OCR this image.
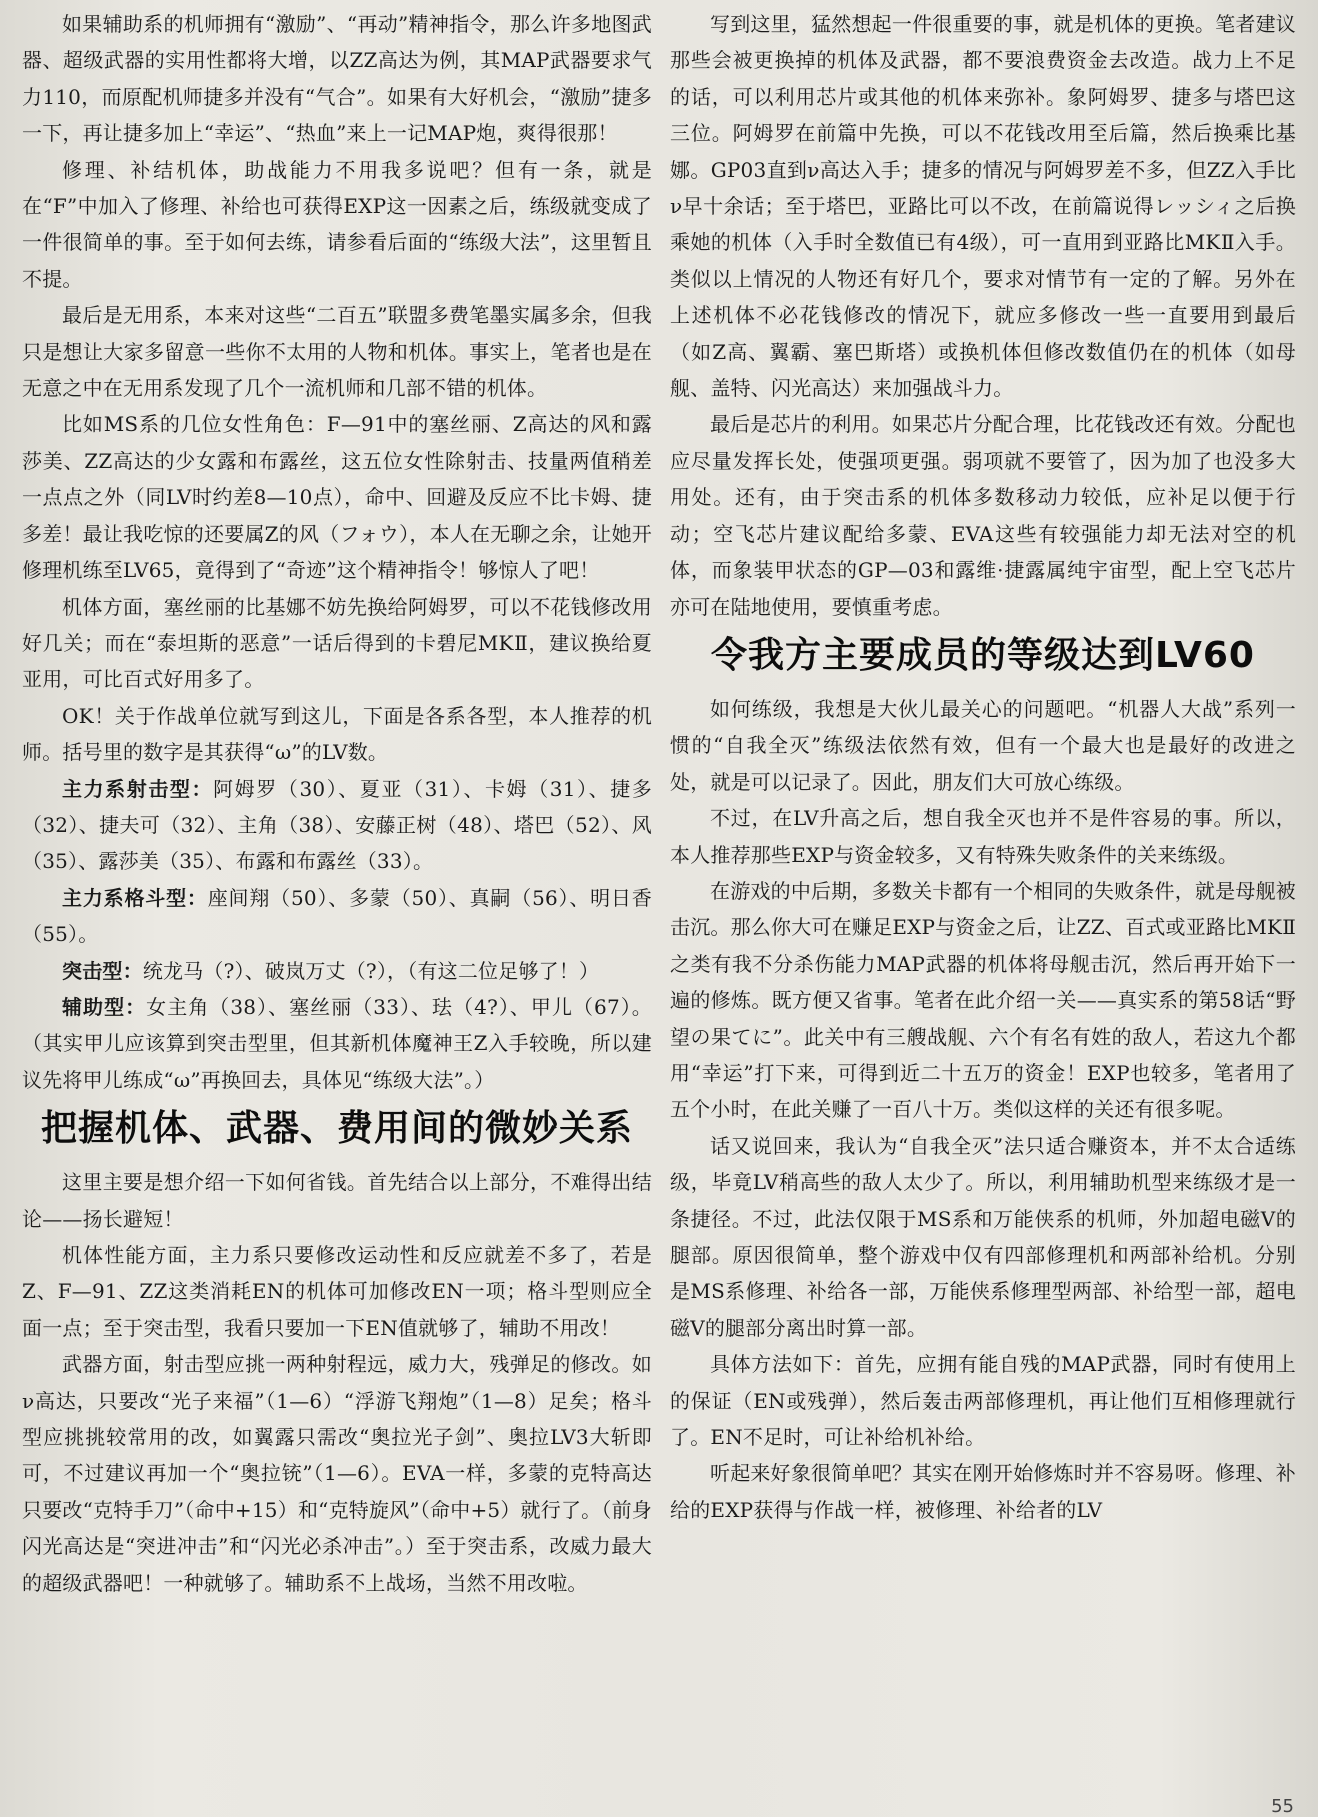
如果辅助系的机师拥有“激励”、“再动”精神指令，那么许多地图武器、超级武器的实用性都将大增，以ZZ高达为例，其MAP武器要求气力110，而原配机师捷多并没有“气合”。如果有大好机会，“激励”捷多一下，再让捷多加上“幸运”、“热血”来上一记MAP炮，爽得很那！

修理、补结机体，助战能力不用我多说吧？但有一条，就是在“F”中加入了修理、补给也可获得EXP这一因素之后，练级就变成了一件很简单的事。至于如何去练，请参看后面的“练级大法”，这里暂且不提。

最后是无用系，本来对这些“二百五”联盟多费笔墨实属多余，但我只是想让大家多留意一些你不太用的人物和机体。事实上，笔者也是在无意之中在无用系发现了几个一流机师和几部不错的机体。

比如MS系的几位女性角色：F—91中的塞丝丽、Z高达的风和露莎美、ZZ高达的少女露和布露丝，这五位女性除射击、技量两值稍差一点点之外（同LV时约差8—10点），命中、回避及反应不比卡姆、捷多差！最让我吃惊的还要属Z的风（フォウ），本人在无聊之余，让她开修理机练至LV65，竟得到了“奇迹”这个精神指令！够惊人了吧！

机体方面，塞丝丽的比基娜不妨先换给阿姆罗，可以不花钱修改用好几关；而在“泰坦斯的恶意”一话后得到的卡碧尼MKⅡ，建议换给夏亚用，可比百式好用多了。

OK！关于作战单位就写到这儿，下面是各系各型，本人推荐的机师。括号里的数字是其获得“ω”的LV数。

主力系射击型：阿姆罗（30）、夏亚（31）、卡姆（31）、捷多（32）、捷夫可（32）、主角（38）、安藤正树（48）、塔巴（52）、风（35）、露莎美（35）、布露和布露丝（33）。

主力系格斗型：座间翔（50）、多蒙（50）、真嗣（56）、明日香（55）。

突击型：统龙马（?）、破岚万丈（?），（有这二位足够了！）

辅助型：女主角（38）、塞丝丽（33）、珐（4?）、甲儿（67）。（其实甲儿应该算到突击型里，但其新机体魔神王Z入手较晚，所以建议先将甲儿练成“ω”再换回去，具体见“练级大法”。）

把握机体、武器、费用间的微妙关系

这里主要是想介绍一下如何省钱。首先结合以上部分，不难得出结论——扬长避短！

机体性能方面，主力系只要修改运动性和反应就差不多了，若是Z、F—91、ZZ这类消耗EN的机体可加修改EN一项；格斗型则应全面一点；至于突击型，我看只要加一下EN值就够了，辅助不用改！

武器方面，射击型应挑一两种射程远，威力大，残弹足的修改。如ν高达，只要改“光子来福”（1—6）“浮游飞翔炮”（1—8）足矣；格斗型应挑挑较常用的改，如翼露只需改“奥拉光子剑”、奥拉LV3大斩即可，不过建议再加一个“奥拉铳”（1—6）。EVA一样，多蒙的克特高达只要改“克特手刀”（命中+15）和“克特旋风”（命中+5）就行了。（前身闪光高达是“突进冲击”和“闪光必杀冲击”。）至于突击系，改威力最大的超级武器吧！一种就够了。辅助系不上战场，当然不用改啦。

写到这里，猛然想起一件很重要的事，就是机体的更换。笔者建议那些会被更换掉的机体及武器，都不要浪费资金去改造。战力上不足的话，可以利用芯片或其他的机体来弥补。象阿姆罗、捷多与塔巴这三位。阿姆罗在前篇中先换，可以不花钱改用至后篇，然后换乘比基娜。GP03直到ν高达入手；捷多的情况与阿姆罗差不多，但ZZ入手比ν早十余话；至于塔巴，亚路比可以不改，在前篇说得レッシィ之后换乘她的机体（入手时全数值已有4级），可一直用到亚路比MKⅡ入手。类似以上情况的人物还有好几个，要求对情节有一定的了解。另外在上述机体不必花钱修改的情况下，就应多修改一些一直要用到最后（如Z高、翼霸、塞巴斯塔）或换机体但修改数值仍在的机体（如母舰、盖特、闪光高达）来加强战斗力。

最后是芯片的利用。如果芯片分配合理，比花钱改还有效。分配也应尽量发挥长处，使强项更强。弱项就不要管了，因为加了也没多大用处。还有，由于突击系的机体多数移动力较低，应补足以便于行动；空飞芯片建议配给多蒙、EVA这些有较强能力却无法对空的机体，而象装甲状态的GP—03和露维·捷露属纯宇宙型，配上空飞芯片亦可在陆地使用，要慎重考虑。

令我方主要成员的等级达到LV60

如何练级，我想是大伙儿最关心的问题吧。“机器人大战”系列一惯的“自我全灭”练级法依然有效，但有一个最大也是最好的改进之处，就是可以记录了。因此，朋友们大可放心练级。

不过，在LV升高之后，想自我全灭也并不是件容易的事。所以，本人推荐那些EXP与资金较多，又有特殊失败条件的关来练级。

在游戏的中后期，多数关卡都有一个相同的失败条件，就是母舰被击沉。那么你大可在赚足EXP与资金之后，让ZZ、百式或亚路比MKⅡ之类有我不分杀伤能力MAP武器的机体将母舰击沉，然后再开始下一遍的修炼。既方便又省事。笔者在此介绍一关——真实系的第58话“野望の果てに”。此关中有三艘战舰、六个有名有姓的敌人，若这九个都用“幸运”打下来，可得到近二十五万的资金！EXP也较多，笔者用了五个小时，在此关赚了一百八十万。类似这样的关还有很多呢。

话又说回来，我认为“自我全灭”法只适合赚资本，并不太合适练级，毕竟LV稍高些的敌人太少了。所以，利用辅助机型来练级才是一条捷径。不过，此法仅限于MS系和万能侠系的机师，外加超电磁V的腿部。原因很简单，整个游戏中仅有四部修理机和两部补给机。分别是MS系修理、补给各一部，万能侠系修理型两部、补给型一部，超电磁V的腿部分离出时算一部。

具体方法如下：首先，应拥有能自残的MAP武器，同时有使用上的保证（EN或残弹），然后轰击两部修理机，再让他们互相修理就行了。EN不足时，可让补给机补给。

听起来好象很简单吧？其实在刚开始修炼时并不容易呀。修理、补给的EXP获得与作战一样，被修理、补给者的LV

55
